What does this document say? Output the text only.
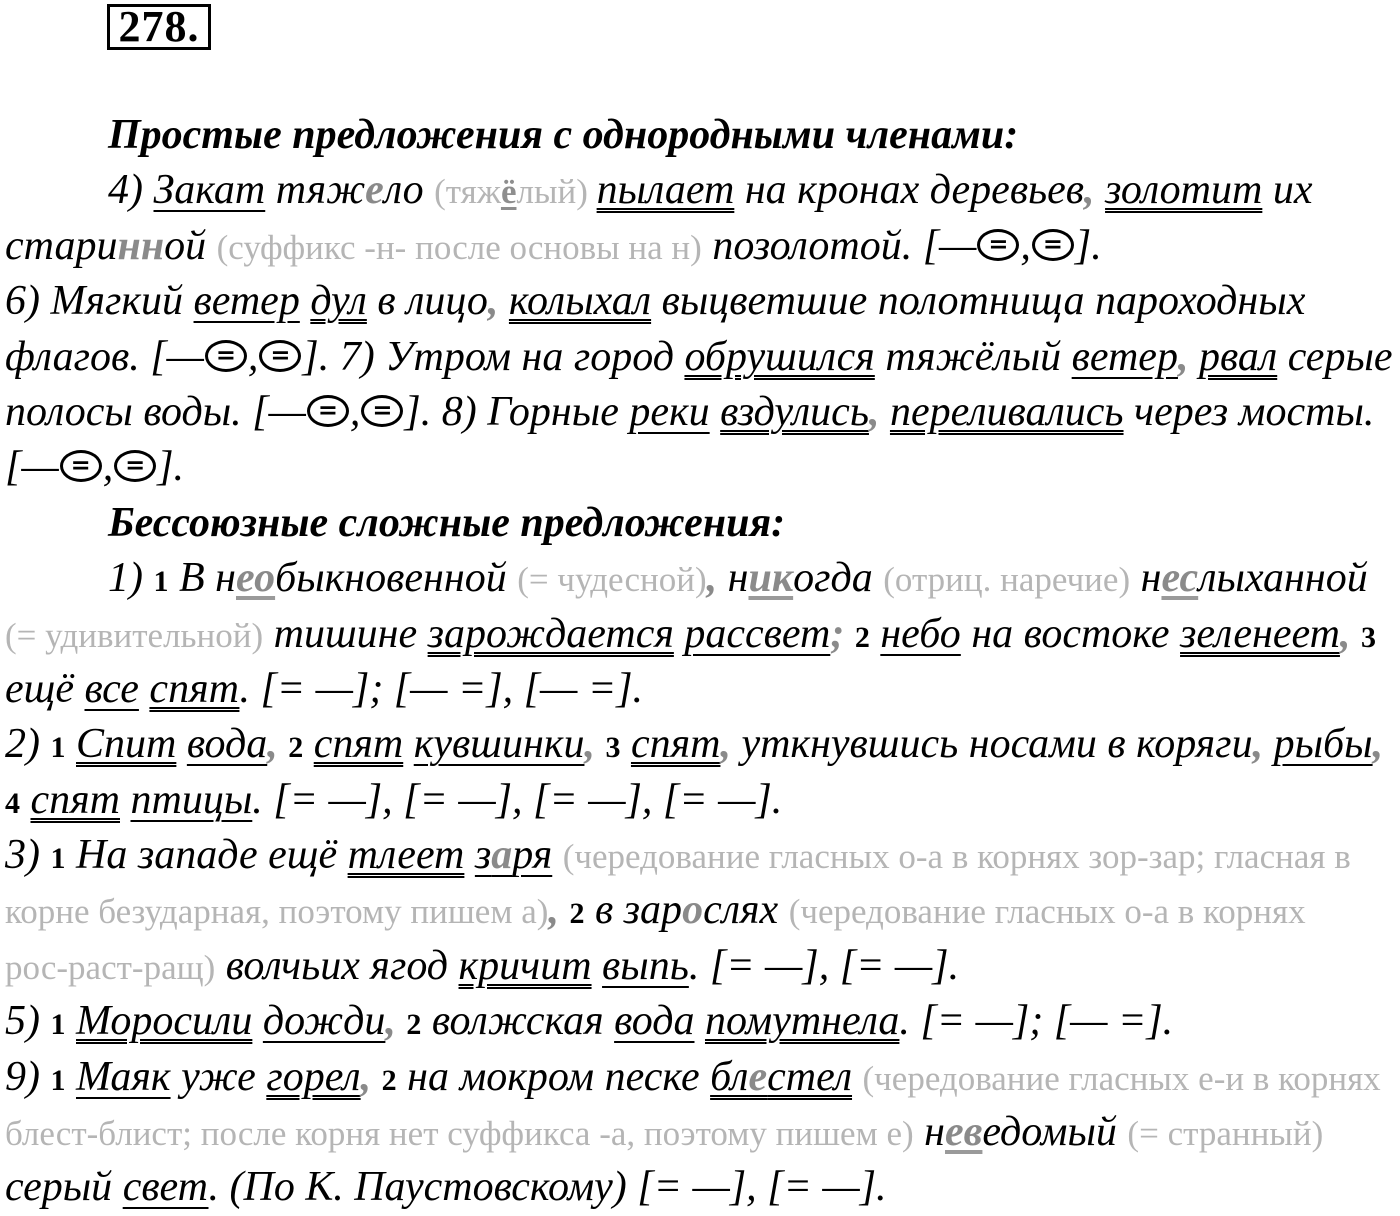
278.
Простые предложения с однородными членами:
4) Закат тяжело (тяжёлый) пылает на кронах деревьев, золотит их
старинной (суффикс -н- после основы на н) позолотой. [— = , = ].
6) Мягкий ветер дул в лицо, колыхал выцветшие полотнища пароходных
флагов. [— = , = ]. 7) Утром на город обрушился тяжёлый ветер, рвал серые
полосы воды. [— = , = ]. 8) Горные реки вздулись, переливались через мосты.
[— = , = ].
Бессоюзные сложные предложения:
1) 1 В необыкновенной (= чудесной), никогда (отриц. наречие) неслыханной
(= удивительной) тишине зарождается рассвет; 2 небо на востоке зеленеет, 3
ещё все спят. [= —]; [— =], [— =].
2) 1 Спит вода, 2 спят кувшинки, 3 спят, уткнувшись носами в коряги, рыбы,
4 спят птицы. [= —], [= —], [= —], [= —].
3) 1 На западе ещё тлеет заря (чередование гласных о-а в корнях зор-зар; гласная в
корне безударная, поэтому пишем а), 2 в зарослях (чередование гласных о-а в корнях
рос-раст-ращ) волчьих ягод кричит выпь. [= —], [= —].
5) 1 Моросили дожди, 2 волжская вода помутнела. [= —]; [— =].
9) 1 Маяк уже горел, 2 на мокром песке блестел (чередование гласных е-и в корнях
блест-блист; после корня нет суффикса -а, поэтому пишем е) неведомый (= странный)
серый свет. (По К. Паустовскому) [= —], [= —].
